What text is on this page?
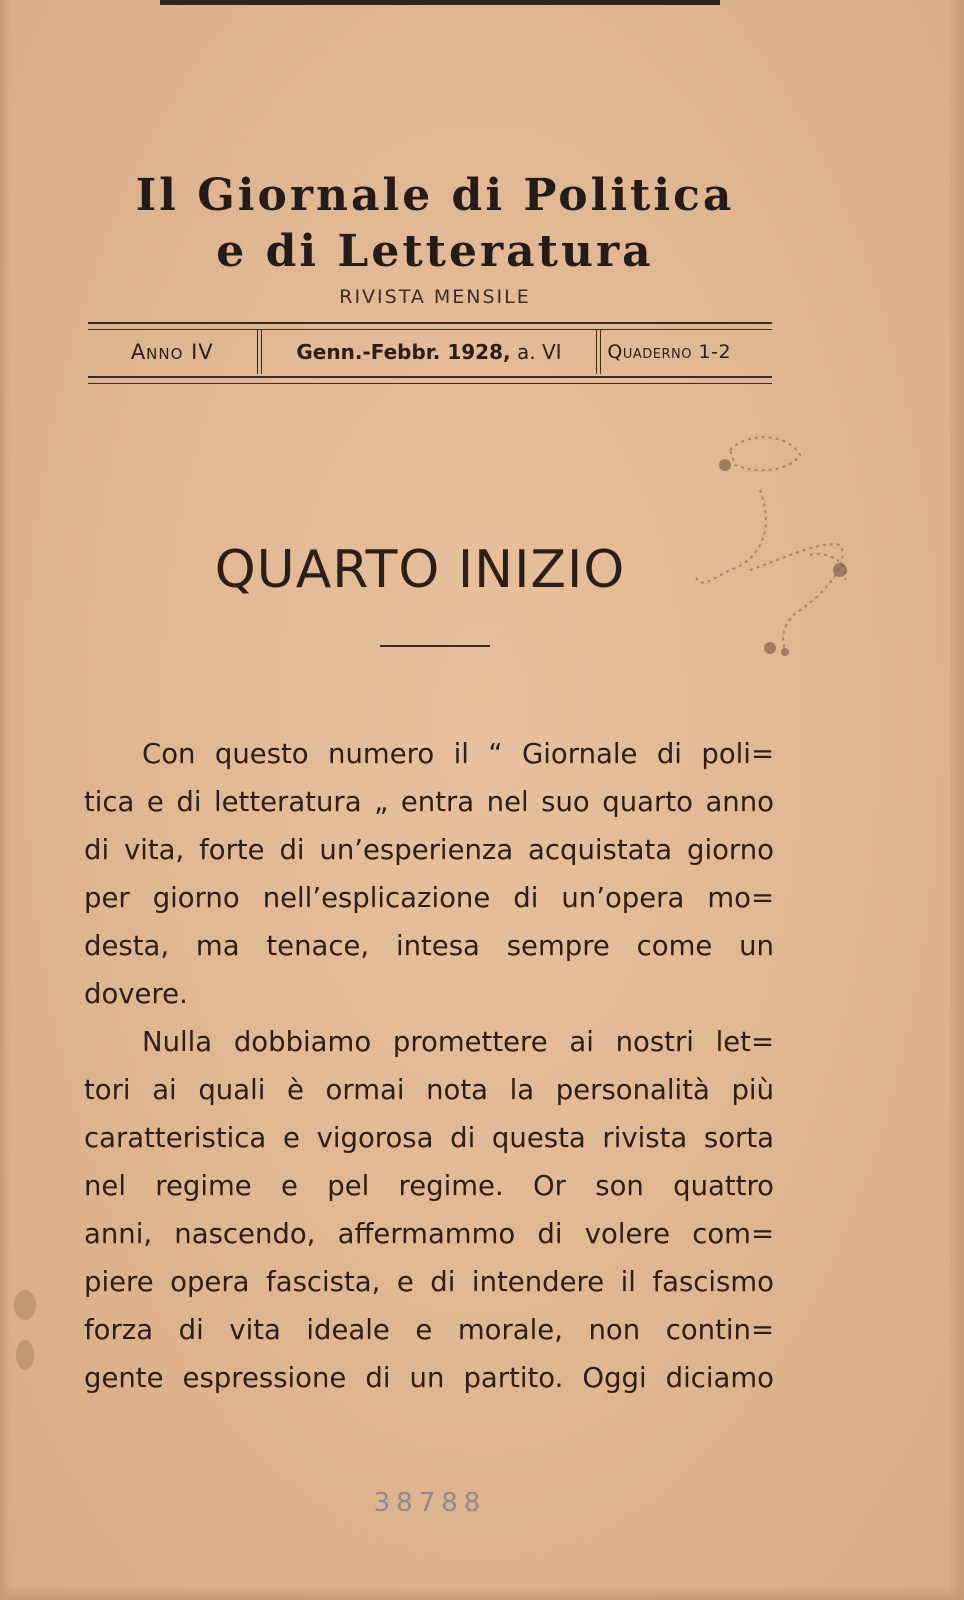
Il Giornale di Politica
e di Letteratura
RIVISTA MENSILE
Anno IV	Genn.-Febbr. 1928, a. VI	Quaderno 1-2
QUARTO INIZIO

Con questo numero il “ Giornale di poli=
tica e di letteratura „ entra nel suo quarto anno
di vita, forte di un’esperienza acquistata giorno
per giorno nell’esplicazione di un’opera mo=
desta, ma tenace, intesa sempre come un
dovere.

Nulla dobbiamo promettere ai nostri let=
tori ai quali è ormai nota la personalità più
caratteristica e vigorosa di questa rivista sorta
nel regime e pel regime. Or son quattro
anni, nascendo, affermammo di volere com=
piere opera fascista, e di intendere il fascismo
forza di vita ideale e morale, non contin=
gente espressione di un partito. Oggi diciamo

38788
